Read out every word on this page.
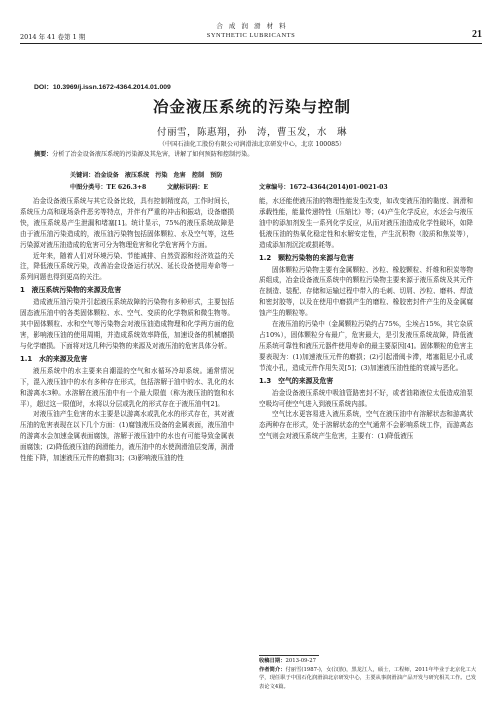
合 成 润 滑 材 料
2014 年 41 卷第 1 期	SYNTHETIC LUBRICANTS	21
DOI：10.3969/j.issn.1672-4364.2014.01.009
冶金液压系统的污染与控制
付丽雪，陈惠翔，孙　涛，曹玉发，水　琳
（中国石油化工股份有限公司润滑油北京研发中心，北京 100085）
摘要：分析了冶金设备液压系统的污染源及其危害，讲解了如何预防和控制污染。
关键词：冶金设备　液压系统　污染　危害　控制　预防
中图分类号：TE 626.3+8	文献标识码：E	文章编号：1672-4364(2014)01-0021-03

冶金设备液压系统与其它设备比较，具有控制精度高，工作时间长，系统压力高和现场条件恶劣等特点，并伴有严重的冲击和振动，设备磨损快，液压系统易产生泄漏和堵塞[1]。统计显示，75%的液压系统故障是由于液压油污染造成的，液压油污染物包括固体颗粒、水及空气等，这些污染源对液压油造成的危害可分为物理危害和化学危害两个方面。

近年来，随着人们对环境污染、节能减排、自然资源和经济效益的关注，降低液压系统污染，改善冶金设备运行状况、延长设备使用寿命等一系列问题也得到更高的关注。

1　液压系统污染物的来源及危害

造成液压油污染并引起液压系统故障的污染物有多种形式，主要包括固态液压油中的各类固体颗粒、水、空气、变质的化学物质和微生物等。其中固体颗粒、水和空气等污染物会对液压油造成物理和化学两方面的危害，影响液压油的使用周期，并造成系统效率降低，加速设备的机械磨损与化学磨损。下面将对这几种污染物的来源及对液压油的危害具体分析。

1.1　水的来源及危害

液压系统中的水主要来自潮湿的空气和水循环冷却系统。通常情况下，混入液压油中的水有多种存在形式，包括溶解于油中的水、乳化的水和游离水3种。水溶解在液压油中有一个最大限值（称为液压油的饱和水平），超过这一限值时，水将以分层或乳化的形式存在于液压油中[2]。

对液压油产生危害的水主要是以游离水或乳化水的形式存在，其对液压油的危害表现在以下几个方面：(1)腐蚀液压设备的金属表面，液压油中的游离水会加速金属表面腐蚀，溶解于液压油中的水也有可能导致金属表面腐蚀；(2)降低液压油的润滑能力，液压油中的水使润滑油层变薄，润滑性能下降，加速液压元件的磨损[3]；(3)影响液压油的性

能，水还能使液压油的物理性能发生改变，如改变液压油的黏度、润滑和承载性能，能量传递特性（压缩比）等；(4)产生化学反应，水还会与液压油中的添加剂发生一系列化学反应，从而对液压油造成化学性破坏，如降低液压油的热氧化稳定性和水解安定性，产生沉积物（胶质和焦炭等），造成添加剂沉淀或损耗等。

1.2　颗粒污染物的来源与危害

固体颗粒污染物主要有金属颗粒、沙粒、橡胶颗粒、纤维和积炭等物质组成，冶金设备液压系统中的颗粒污染物主要来源于液压系统及其元件在制造、装配、存储和运输过程中带入的毛刺、切屑、沙粒、磨料、焊渣和密封胶等，以及在使用中磨损产生的磨粒、橡胶密封件产生的及金属腐蚀产生的颗粒等。

在液压油的污染中（金属颗粒污染约占75%，尘埃占15%，其它杂质占10%），固体颗粒分布最广，危害最大，是引发液压系统故障，降低液压系统可靠性和液压元器件使用寿命的最主要原因[4]。固体颗粒的危害主要表现为：(1)加速液压元件的磨损；(2)引起滑阀卡滞，堵塞阻尼小孔或节流小孔，造成元件作用失灵[5]；(3)加速液压油性能的衰减与恶化。

1.3　空气的来源及危害

冶金设备液压系统中吸油管路密封不好，或者油箱液位太低造成油泵空吸均可使空气进入到液压系统内部。

空气比水更容易进入液压系统，空气在液压油中有溶解状态和游离状态两种存在形式，处于溶解状态的空气通常不会影响系统工作，而游离态空气则会对液压系统产生危害，主要有：(1)降低液压

收稿日期：2013-09-27
作者简介：付丽雪(1987-)，女(汉族)，黑龙江人，硕士，工程师，2011年毕业于北京化工大学，现任职于中国石化润滑油北京研发中心，主要从事润滑油产品开发与研究相关工作。已发表论文4篇。
